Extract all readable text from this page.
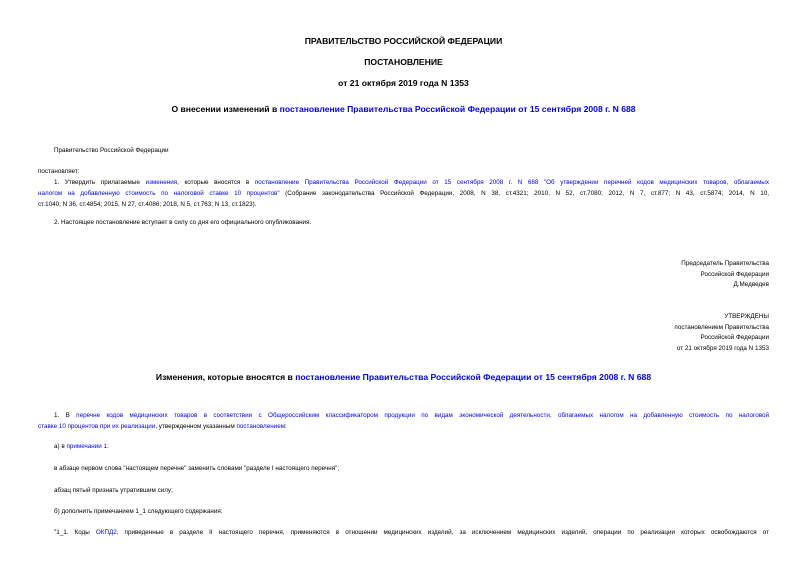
ПРАВИТЕЛЬСТВО РОССИЙСКОЙ ФЕДЕРАЦИИ
ПОСТАНОВЛЕНИЕ
от 21 октября 2019 года N 1353
О внесении изменений в постановление Правительства Российской Федерации от 15 сентября 2008 г. N 688
Правительство Российской Федерации
постановляет:
1. Утвердить прилагаемые изменения, которые вносятся в постановление Правительства Российской Федерации от 15 сентября 2008 г. N 688 "Об утверждении перечней кодов медицинских товаров, облагаемых
налогом на добавленную стоимость по налоговой ставке 10 процентов" (Собрание законодательства Российской Федерации, 2008, N 38, ст.4321; 2010, N 52, ст.7080; 2012, N 7, ст.877; N 43, ст.5874; 2014, N 10,
ст.1040; N 36, ст.4854; 2015, N 27, ст.4086; 2018, N 5, ст.763; N 13, ст.1823).
2. Настоящее постановление вступает в силу со дня его официального опубликования.
Председатель Правительства
Российской Федерации
Д.Медведев
УТВЕРЖДЕНЫ
постановлением Правительства
Российской Федерации
от 21 октября 2019 года N 1353
Изменения, которые вносятся в постановление Правительства Российской Федерации от 15 сентября 2008 г. N 688
1. В перечне кодов медицинских товаров в соответствии с Общероссийским классификатором продукции по видам экономической деятельности, облагаемых налогом на добавленную стоимость по налоговой
ставке 10 процентов при их реализации, утвержденном указанным постановлением:
а) в примечании 1:
в абзаце первом слова "настоящем перечне" заменить словами "разделе I настоящего перечня";
абзац пятый признать утратившим силу;
б) дополнить примечанием 1_1 следующего содержания:
"1_1. Коды ОКПД2, приведенные в разделе II настоящего перечня, применяются в отношении медицинских изделий, за исключением медицинских изделий, операции по реализации которых освобождаются от
